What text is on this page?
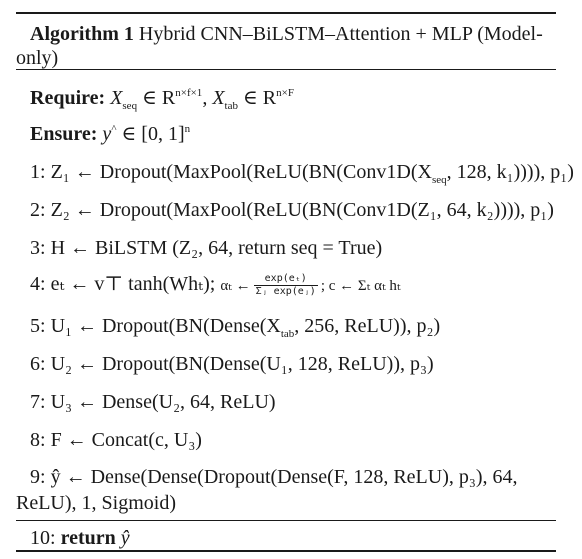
Algorithm 1 Hybrid CNN–BiLSTM–Attention + MLP (Model-
only)
Require: $X_{seq}$ ∈ $R^{n\times f\times 1}$, $X_{tab}$ ∈ $R^{n\times F}$
Ensure: y^ ∈ [0, 1]$^n$
1: Z₁ ← $Dropout(MaxPool(ReLU(BN(Conv1D(X_{seq}$, 128, k₁)))), p₁)
2: Z₂ ← Dropout(MaxPool(ReLU(BN(Conv1D(Z₁, 64, k₂)))), p₁)
3: H ← BiLSTM (Z₂, 64, return seq = True)
4: eₜ ← v⊤ tanh(Whₜ); αₜ ← $\frac{\text{exp(eₜ)}}{\text{Σⱼ exp(eⱼ)}}$ ; c ← Σₜ αₜ hₜ
5: U₁ ← $Dropout(BN(Dense(X_{tab}$, 256, ReLU)), p₂)
6: U₂ ← Dropout(BN(Dense(U₁, 128, ReLU)), p₃)
7: U₃ ← Dense(U₂, 64, ReLU)
8: F ← Concat(c, U₃)
9: ŷ ← Dense(Dense(Dropout(Dense(F, 128, ReLU), p₃), 64,
ReLU), 1, Sigmoid)
10: return ŷ
